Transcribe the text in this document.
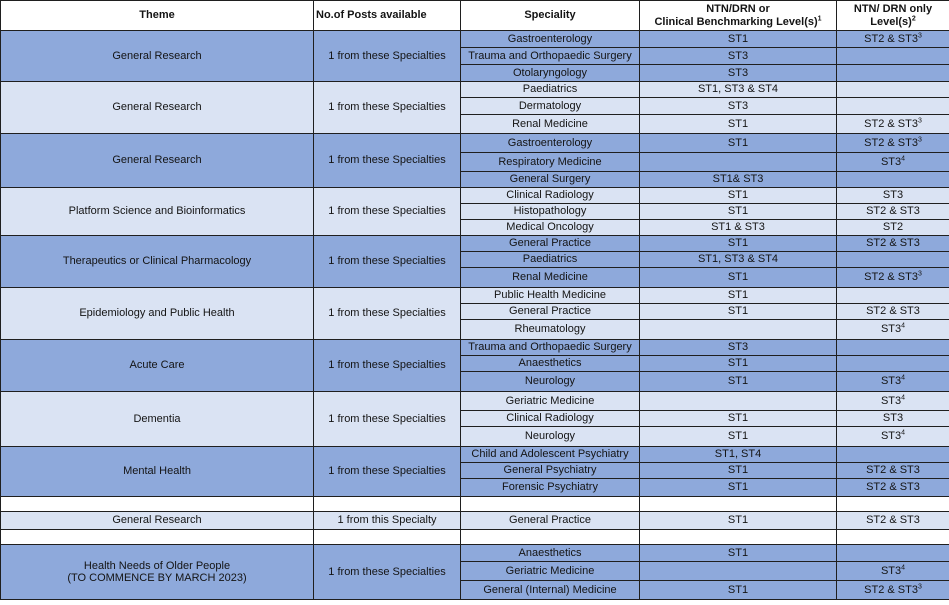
Theme	No.of Posts available	Speciality	NTN/DRN or
Clinical Benchmarking $Level(s)^1$	NTN/ DRN only
$Level(s)^2$
General Research	1 from these Specialties	Gastroenterology	ST1	ST2 & $ST3^3$
		Trauma and Orthopaedic Surgery	ST3	
		Otolaryngology	ST3	
General Research	1 from these Specialties	Paediatrics	ST1, ST3 & ST4	
		Dermatology	ST3	
		Renal Medicine	ST1	ST2 & $ST3^3$
General Research	1 from these Specialties	Gastroenterology	ST1	ST2 & $ST3^3$
		Respiratory Medicine		$ST3^4$
		General Surgery	ST1& ST3	
Platform Science and Bioinformatics	1 from these Specialties	Clinical Radiology	ST1	ST3
		Histopathology	ST1	ST2 & ST3
		Medical Oncology	ST1 & ST3	ST2
Therapeutics or Clinical Pharmacology	1 from these Specialties	General Practice	ST1	ST2 & ST3
		Paediatrics	ST1, ST3 & ST4	
		Renal Medicine	ST1	ST2 & $ST3^3$
Epidemiology and Public Health	1 from these Specialties	Public Health Medicine	ST1	
		General Practice	ST1	ST2 & ST3
		Rheumatology		$ST3^4$
Acute Care	1 from these Specialties	Trauma and Orthopaedic Surgery	ST3	
		Anaesthetics	ST1	
		Neurology	ST1	$ST3^4$
Dementia	1 from these Specialties	Geriatric Medicine		$ST3^4$
		Clinical Radiology	ST1	ST3
		Neurology	ST1	$ST3^4$
Mental Health	1 from these Specialties	Child and Adolescent Psychiatry	ST1, ST4	
		General Psychiatry	ST1	ST2 & ST3
		Forensic Psychiatry	ST1	ST2 & ST3

General Research	1 from this Specialty	General Practice	ST1	ST2 & ST3

Health Needs of Older People
(TO COMMENCE BY MARCH 2023)	1 from these Specialties	Anaesthetics	ST1	
		Geriatric Medicine		$ST3^4$
		General (Internal) Medicine	ST1	ST2 & $ST3^3$
